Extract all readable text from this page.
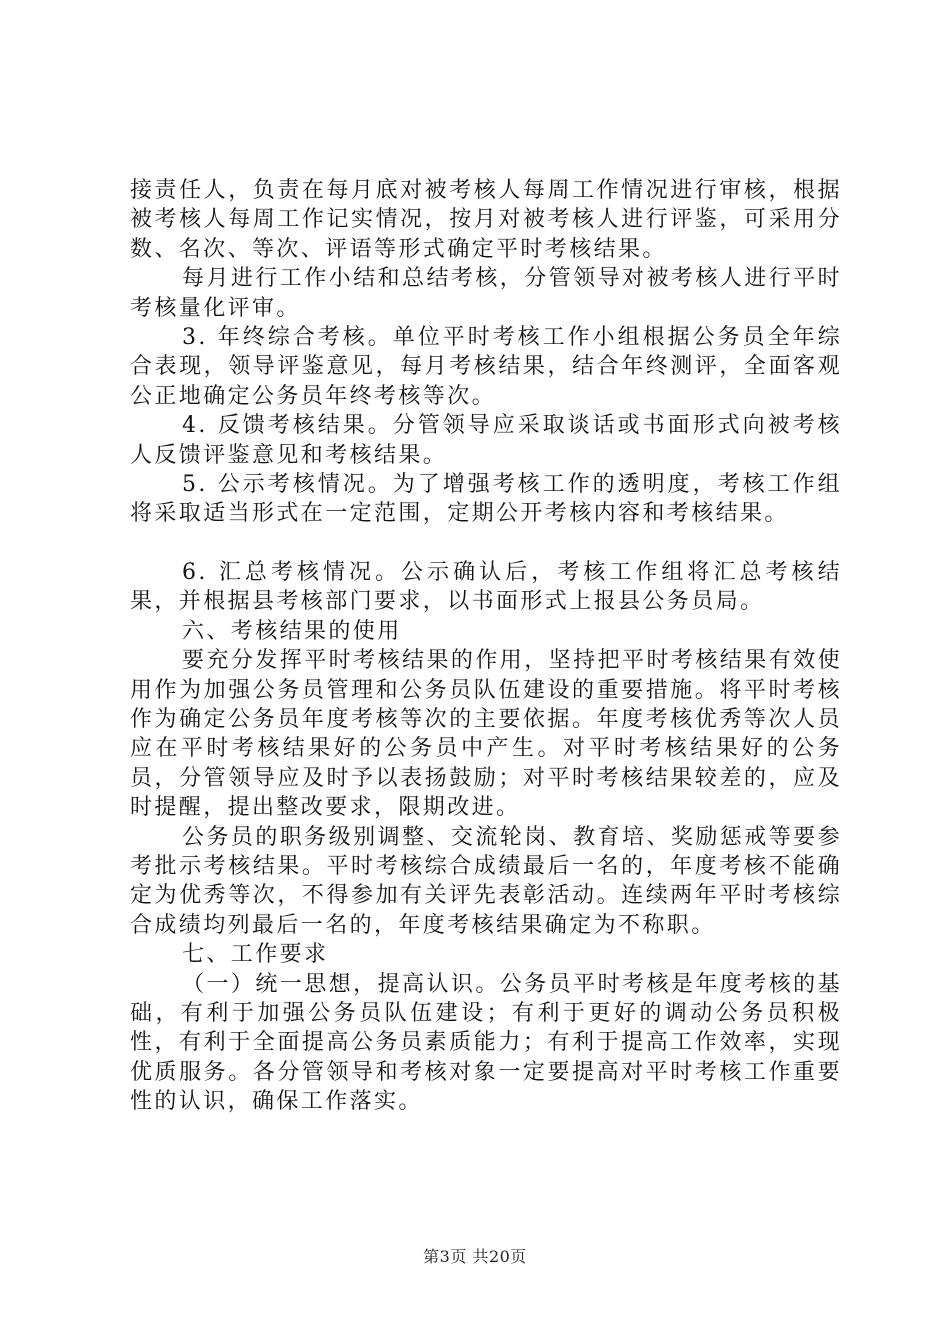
接责任人，负责在每月底对被考核人每周工作情况进行审核，根据被考核人每周工作记实情况，按月对被考核人进行评鉴，可采用分数、名次、等次、评语等形式确定平时考核结果。

每月进行工作小结和总结考核，分管领导对被考核人进行平时考核量化评审。

3. 年终综合考核。单位平时考核工作小组根据公务员全年综合表现，领导评鉴意见，每月考核结果，结合年终测评，全面客观公正地确定公务员年终考核等次。

4. 反馈考核结果。分管领导应采取谈话或书面形式向被考核人反馈评鉴意见和考核结果。

5. 公示考核情况。为了增强考核工作的透明度，考核工作组将采取适当形式在一定范围，定期公开考核内容和考核结果。

6. 汇总考核情况。公示确认后，考核工作组将汇总考核结果，并根据县考核部门要求，以书面形式上报县公务员局。

六、考核结果的使用

要充分发挥平时考核结果的作用，坚持把平时考核结果有效使用作为加强公务员管理和公务员队伍建设的重要措施。将平时考核作为确定公务员年度考核等次的主要依据。年度考核优秀等次人员应在平时考核结果好的公务员中产生。对平时考核结果好的公务员，分管领导应及时予以表扬鼓励；对平时考核结果较差的，应及时提醒，提出整改要求，限期改进。

公务员的职务级别调整、交流轮岗、教育培、奖励惩戒等要参考批示考核结果。平时考核综合成绩最后一名的，年度考核不能确定为优秀等次，不得参加有关评先表彰活动。连续两年平时考核综合成绩均列最后一名的，年度考核结果确定为不称职。

七、工作要求

（一）统一思想，提高认识。公务员平时考核是年度考核的基础，有利于加强公务员队伍建设；有利于更好的调动公务员积极性，有利于全面提高公务员素质能力；有利于提高工作效率，实现优质服务。各分管领导和考核对象一定要提高对平时考核工作重要性的认识，确保工作落实。

第3页 共20页
